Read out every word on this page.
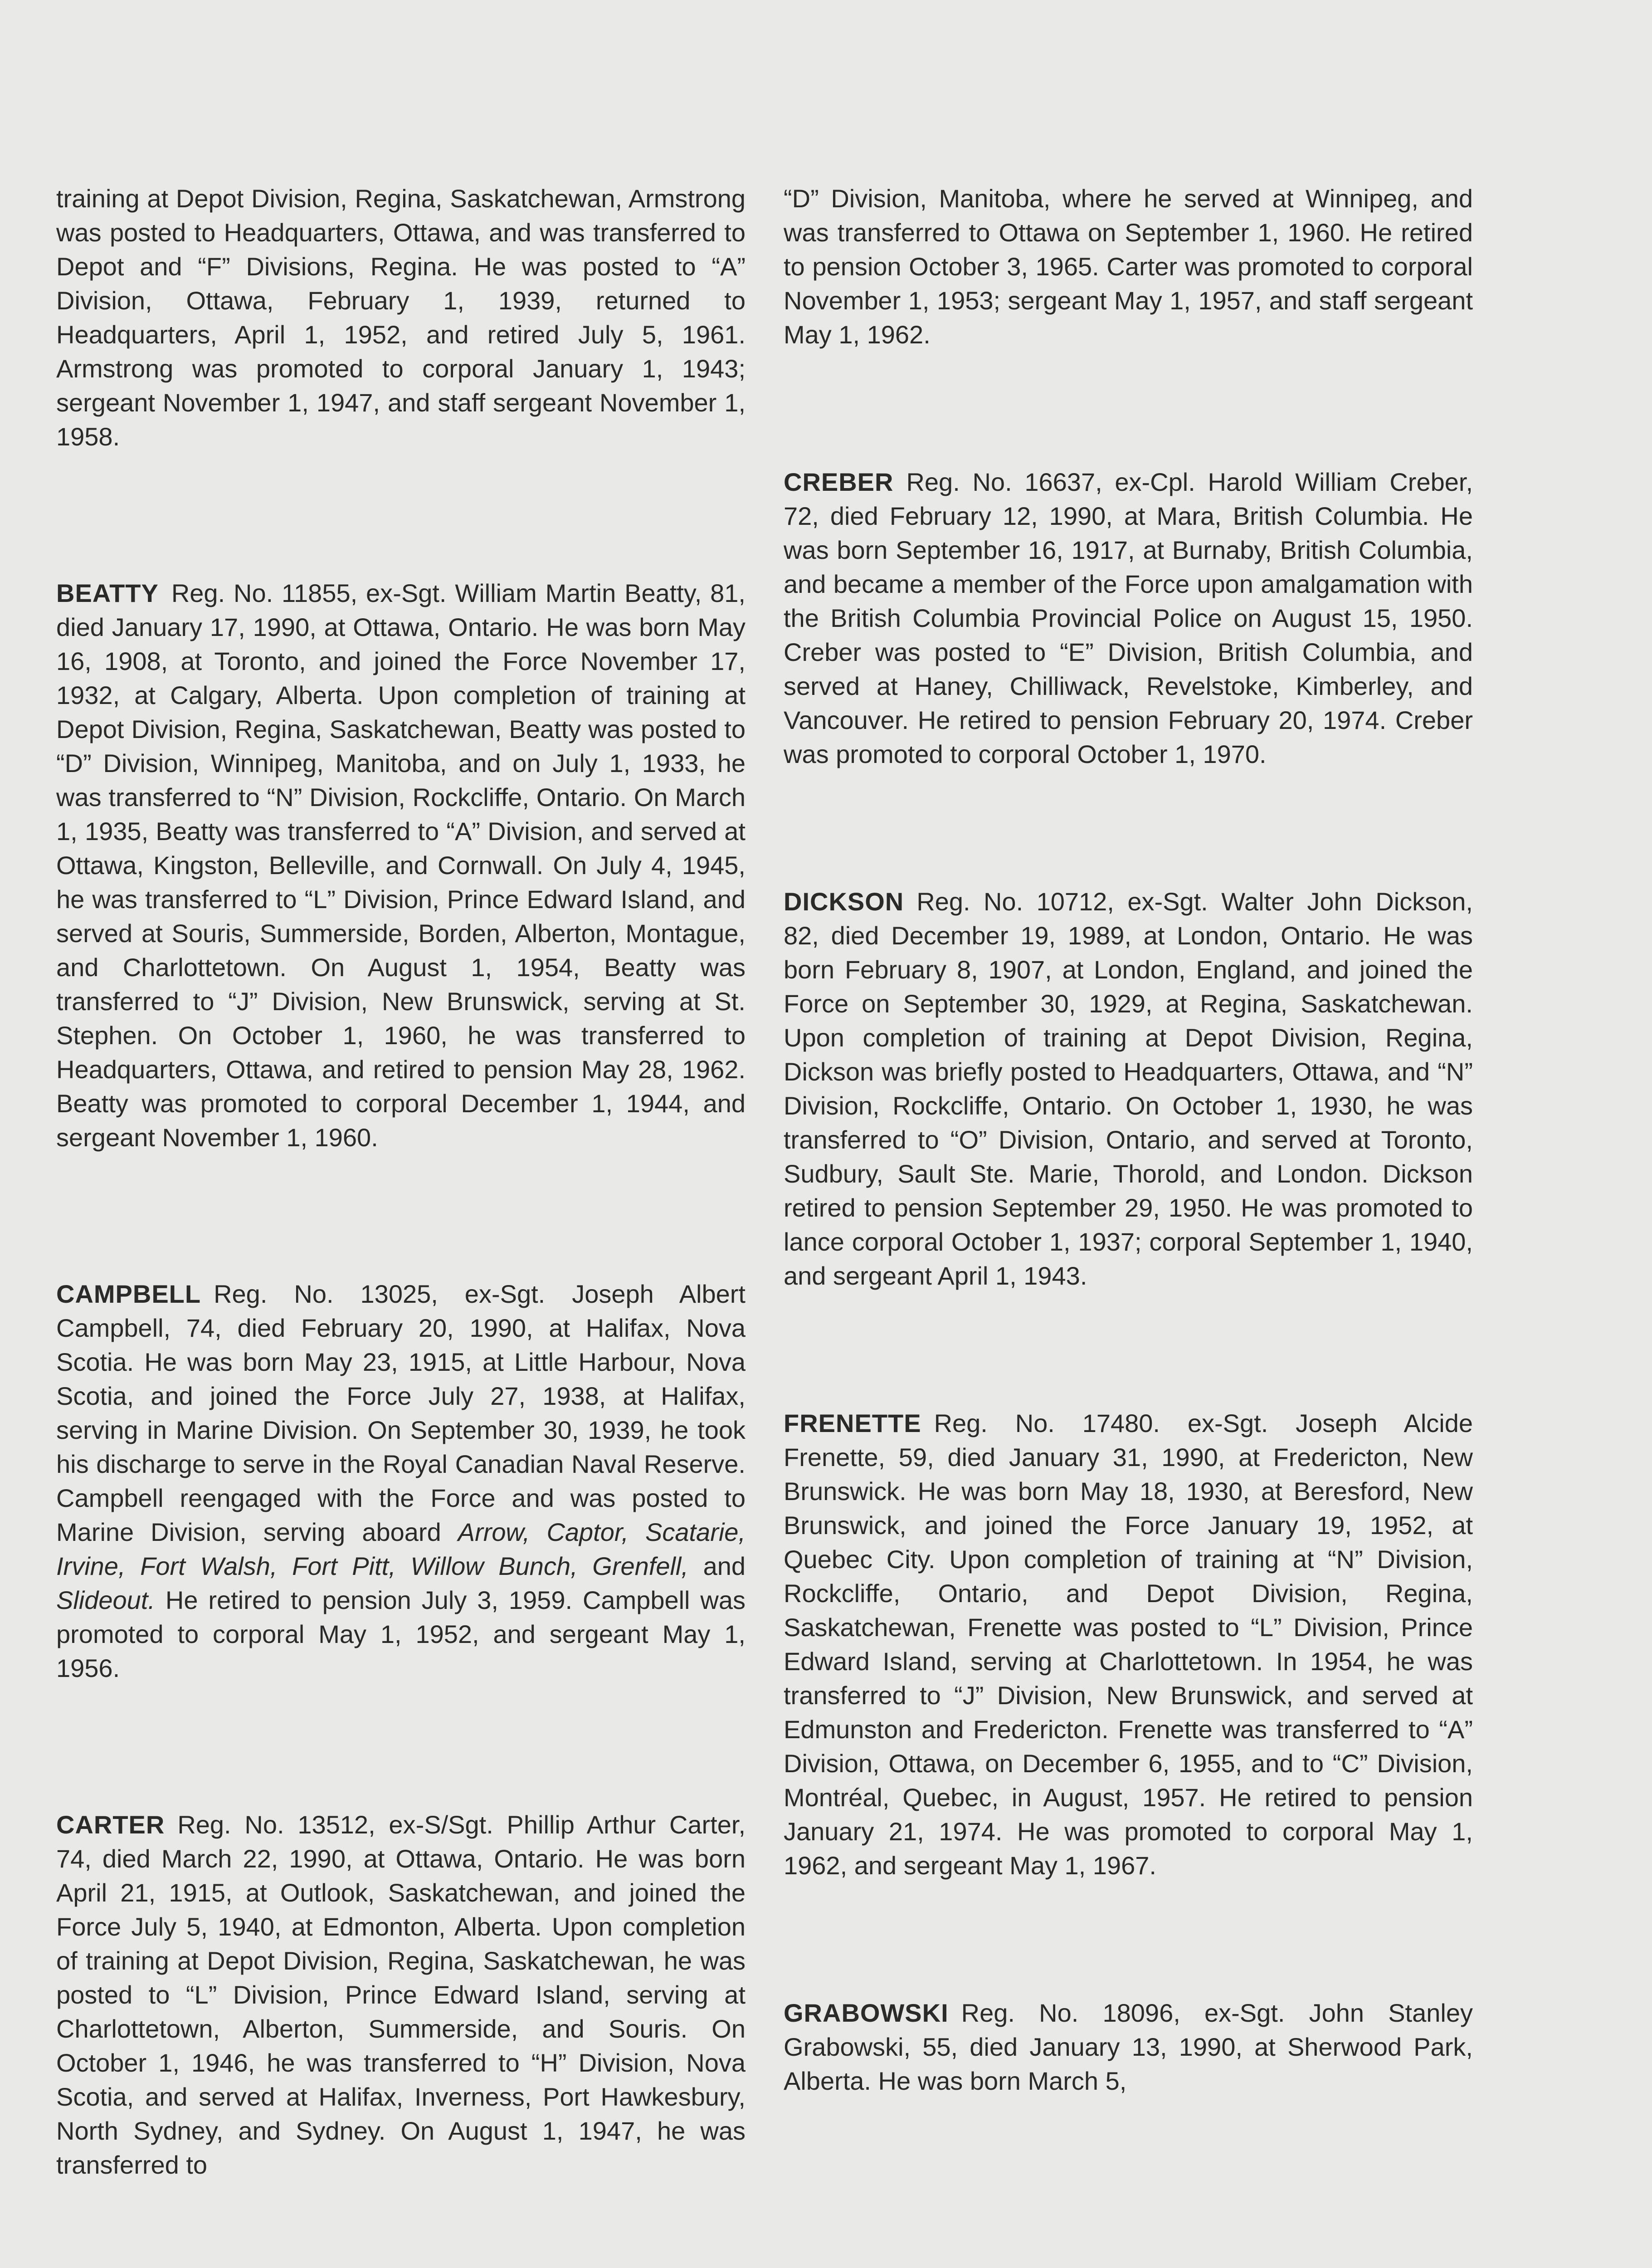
training at Depot Division, Regina, Saskatchewan, Armstrong was posted to Headquarters, Ottawa, and was transferred to Depot and “F” Divisions, Regina. He was posted to “A” Division, Ottawa, February 1, 1939, returned to Headquarters, April 1, 1952, and retired July 5, 1961. Armstrong was promoted to corporal January 1, 1943; sergeant November 1, 1947, and staff sergeant November 1, 1958.

BEATTY Reg. No. 11855, ex-Sgt. William Martin Beatty, 81, died January 17, 1990, at Ottawa, Ontario. He was born May 16, 1908, at Toronto, and joined the Force November 17, 1932, at Calgary, Alberta. Upon completion of training at Depot Division, Regina, Saskatchewan, Beatty was posted to “D” Division, Winnipeg, Manitoba, and on July 1, 1933, he was transferred to “N” Division, Rockcliffe, Ontario. On March 1, 1935, Beatty was transferred to “A” Division, and served at Ottawa, Kingston, Belleville, and Cornwall. On July 4, 1945, he was transferred to “L” Division, Prince Edward Island, and served at Souris, Summerside, Borden, Alberton, Montague, and Charlottetown. On August 1, 1954, Beatty was transferred to “J” Division, New Brunswick, serving at St. Stephen. On October 1, 1960, he was transferred to Headquarters, Ottawa, and retired to pension May 28, 1962. Beatty was promoted to corporal December 1, 1944, and sergeant November 1, 1960.

CAMPBELL Reg. No. 13025, ex-Sgt. Joseph Albert Campbell, 74, died February 20, 1990, at Halifax, Nova Scotia. He was born May 23, 1915, at Little Harbour, Nova Scotia, and joined the Force July 27, 1938, at Halifax, serving in Marine Division. On September 30, 1939, he took his discharge to serve in the Royal Canadian Naval Reserve. Campbell reengaged with the Force and was posted to Marine Division, serving aboard Arrow, Captor, Scatarie, Irvine, Fort Walsh, Fort Pitt, Willow Bunch, Grenfell, and Slideout. He retired to pension July 3, 1959. Campbell was promoted to corporal May 1, 1952, and sergeant May 1, 1956.

CARTER Reg. No. 13512, ex-S/Sgt. Phillip Arthur Carter, 74, died March 22, 1990, at Ottawa, Ontario. He was born April 21, 1915, at Outlook, Saskatchewan, and joined the Force July 5, 1940, at Edmonton, Alberta. Upon completion of training at Depot Division, Regina, Saskatchewan, he was posted to “L” Division, Prince Edward Island, serving at Charlottetown, Alberton, Summerside, and Souris. On October 1, 1946, he was transferred to “H” Division, Nova Scotia, and served at Halifax, Inverness, Port Hawkesbury, North Sydney, and Sydney. On August 1, 1947, he was transferred to

“D” Division, Manitoba, where he served at Winnipeg, and was transferred to Ottawa on September 1, 1960. He retired to pension October 3, 1965. Carter was promoted to corporal November 1, 1953; sergeant May 1, 1957, and staff sergeant May 1, 1962.

CREBER Reg. No. 16637, ex-Cpl. Harold William Creber, 72, died February 12, 1990, at Mara, British Columbia. He was born September 16, 1917, at Burnaby, British Columbia, and became a member of the Force upon amalgamation with the British Columbia Provincial Police on August 15, 1950. Creber was posted to “E” Division, British Columbia, and served at Haney, Chilliwack, Revelstoke, Kimberley, and Vancouver. He retired to pension February 20, 1974. Creber was promoted to corporal October 1, 1970.

DICKSON Reg. No. 10712, ex-Sgt. Walter John Dickson, 82, died December 19, 1989, at London, Ontario. He was born February 8, 1907, at London, England, and joined the Force on September 30, 1929, at Regina, Saskatchewan. Upon completion of training at Depot Division, Regina, Dickson was briefly posted to Headquarters, Ottawa, and “N” Division, Rockcliffe, Ontario. On October 1, 1930, he was transferred to “O” Division, Ontario, and served at Toronto, Sudbury, Sault Ste. Marie, Thorold, and London. Dickson retired to pension September 29, 1950. He was promoted to lance corporal October 1, 1937; corporal September 1, 1940, and sergeant April 1, 1943.

FRENETTE Reg. No. 17480. ex-Sgt. Joseph Alcide Frenette, 59, died January 31, 1990, at Fredericton, New Brunswick. He was born May 18, 1930, at Beresford, New Brunswick, and joined the Force January 19, 1952, at Quebec City. Upon completion of training at “N” Division, Rockcliffe, Ontario, and Depot Division, Regina, Saskatchewan, Frenette was posted to “L” Division, Prince Edward Island, serving at Charlottetown. In 1954, he was transferred to “J” Division, New Brunswick, and served at Edmunston and Fredericton. Frenette was transferred to “A” Division, Ottawa, on December 6, 1955, and to “C” Division, Montréal, Quebec, in August, 1957. He retired to pension January 21, 1974. He was promoted to corporal May 1, 1962, and sergeant May 1, 1967.

GRABOWSKI Reg. No. 18096, ex-Sgt. John Stanley Grabowski, 55, died January 13, 1990, at Sherwood Park, Alberta. He was born March 5,
